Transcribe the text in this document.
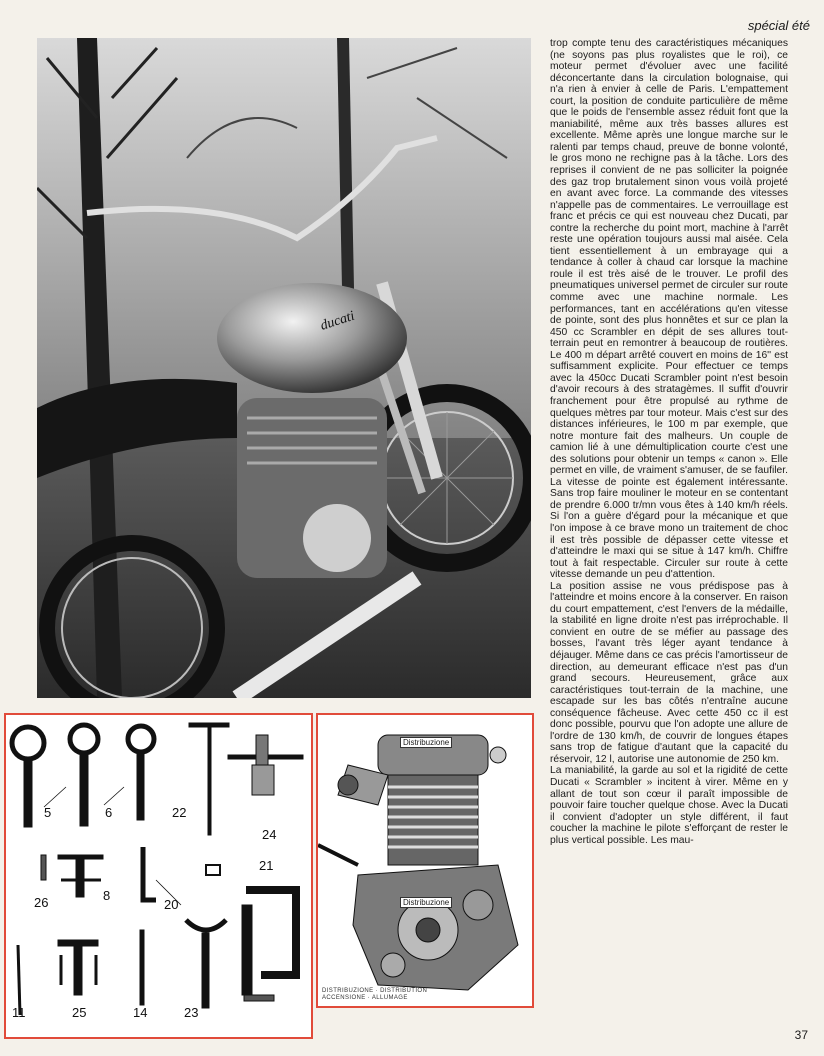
spécial été
ducati
5	6	22
24
26	8
20
21
11	25	14	23
Distribuzione
Distribuzione
DISTRIBUZIONE · DISTRIBUTION
ACCENSIONE · ALLUMAGE

trop compte tenu des caractéristiques mécaniques (ne soyons pas plus royalistes que le roi), ce moteur permet d'évoluer avec une facilité déconcertante dans la circulation bolognaise, qui n'a rien à envier à celle de Paris. L'empattement court, la position de conduite particulière de même que le poids de l'ensemble assez réduit font que la maniabilité, même aux très basses allures est excellente. Même après une longue marche sur le ralenti par temps chaud, preuve de bonne volonté, le gros mono ne rechigne pas à la tâche. Lors des reprises il convient de ne pas solliciter la poignée des gaz trop brutalement sinon vous voilà projeté en avant avec force. La commande des vitesses n'appelle pas de commentaires. Le verrouillage est franc et précis ce qui est nouveau chez Ducati, par contre la recherche du point mort, machine à l'arrêt reste une opération toujours aussi mal aisée. Cela tient essentiellement à un embrayage qui a tendance à coller à chaud car lorsque la machine roule il est très aisé de le trouver. Le profil des pneumatiques universel permet de circuler sur route comme avec une machine normale. Les performances, tant en accélérations qu'en vitesse de pointe, sont des plus honnêtes et sur ce plan la 450 cc Scrambler en dépit de ses allures tout-terrain peut en remontrer à beaucoup de routières. Le 400 m départ arrêté couvert en moins de 16'' est suffisamment explicite. Pour effectuer ce temps avec la 450cc Ducati Scrambler point n'est besoin d'avoir recours à des stratagèmes. Il suffit d'ouvrir franchement pour être propulsé au rythme de quelques mètres par tour moteur. Mais c'est sur des distances inférieures, le 100 m par exemple, que notre monture fait des malheurs. Un couple de camion lié à une démultiplication courte c'est une des solutions pour obtenir un temps « canon ». Elle permet en ville, de vraiment s'amuser, de se faufiler. La vitesse de pointe est également intéressante. Sans trop faire mouliner le moteur en se contentant de prendre 6.000 tr/mn vous êtes à 140 km/h réels. Si l'on a guère d'égard pour la mécanique et que l'on impose à ce brave mono un traitement de choc il est très possible de dépasser cette vitesse et d'atteindre le maxi qui se situe à 147 km/h. Chiffre tout à fait respectable. Circuler sur route à cette vitesse demande un peu d'attention.

La position assise ne vous prédispose pas à l'atteindre et moins encore à la conserver. En raison du court empattement, c'est l'envers de la médaille, la stabilité en ligne droite n'est pas irréprochable. Il convient en outre de se méfier au passage des bosses, l'avant très léger ayant tendance à déjauger. Même dans ce cas précis l'amortisseur de direction, au demeurant efficace n'est pas d'un grand secours. Heureusement, grâce aux caractéristiques tout-terrain de la machine, une escapade sur les bas côtés n'entraîne aucune conséquence fâcheuse. Avec cette 450 cc il est donc possible, pourvu que l'on adopte une allure de l'ordre de 130 km/h, de couvrir de longues étapes sans trop de fatigue d'autant que la capacité du réservoir, 12 l, autorise une autonomie de 250 km.

La maniabilité, la garde au sol et la rigidité de cette Ducati « Scrambler » incitent à virer. Même en y allant de tout son cœur il paraît impossible de pouvoir faire toucher quelque chose. Avec la Ducati il convient d'adopter un style différent, il faut coucher la machine le pilote s'efforçant de rester le plus vertical possible. Les mau-

37
